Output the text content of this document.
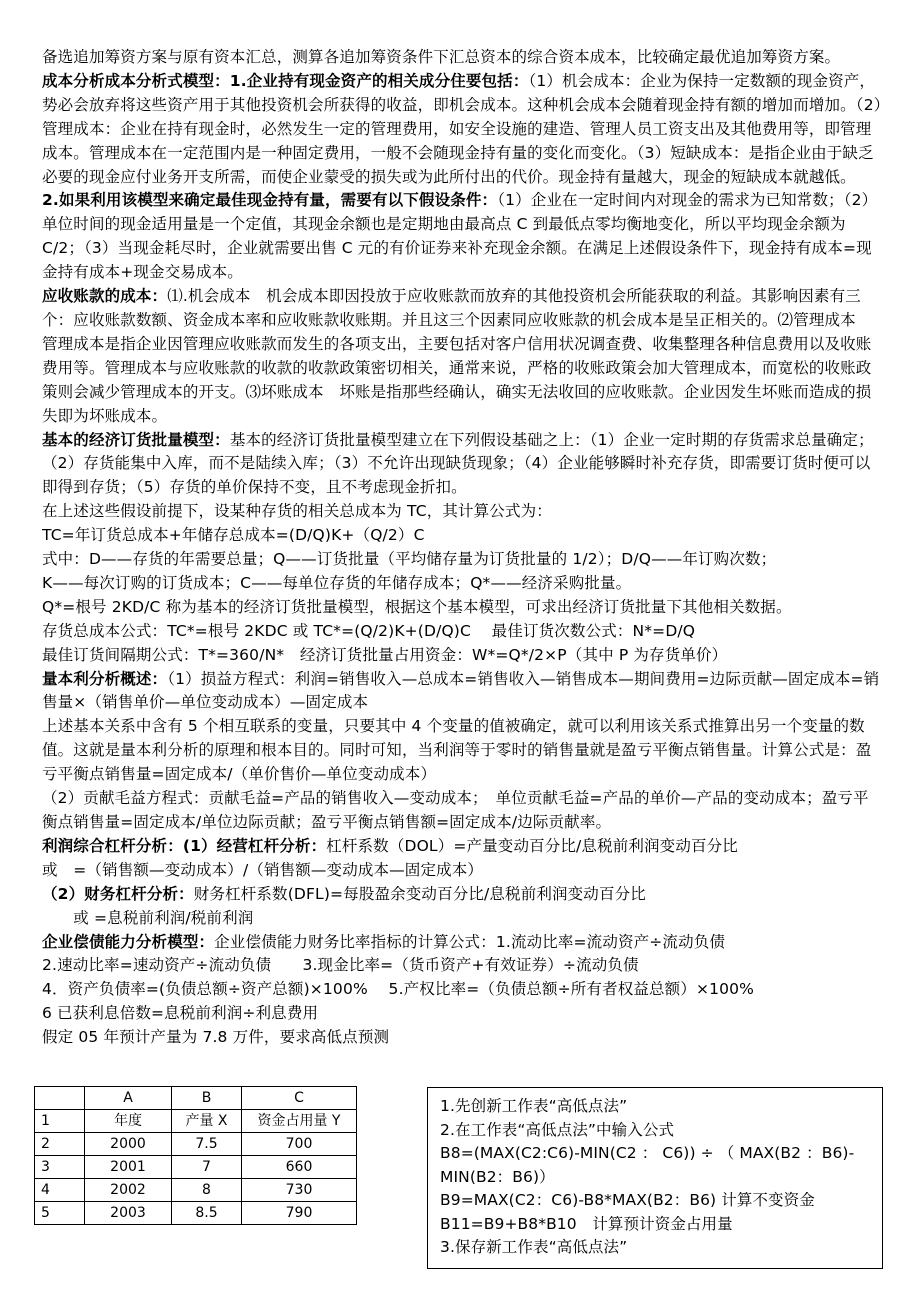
备选追加筹资方案与原有资本汇总，测算各追加筹资条件下汇总资本的综合资本成本，比较确定最优追加筹资方案。

成本分析成本分析式模型：1.企业持有现金资产的相关成分住要包括：（1）机会成本：企业为保持一定数额的现金资产，势必会放弃将这些资产用于其他投资机会所获得的收益，即机会成本。这种机会成本会随着现金持有额的增加而增加。（2）管理成本：企业在持有现金时，必然发生一定的管理费用，如安全设施的建造、管理人员工资支出及其他费用等，即管理成本。管理成本在一定范围内是一种固定费用，一般不会随现金持有量的变化而变化。（3）短缺成本：是指企业由于缺乏必要的现金应付业务开支所需，而使企业蒙受的损失或为此所付出的代价。现金持有量越大，现金的短缺成本就越低。

2.如果利用该模型来确定最佳现金持有量，需要有以下假设条件：（1）企业在一定时间内对现金的需求为已知常数；（2）单位时间的现金适用量是一个定值，其现金余额也是定期地由最高点 C 到最低点零均衡地变化，所以平均现金余额为 C/2；（3）当现金耗尽时，企业就需要出售 C 元的有价证券来补充现金余额。在满足上述假设条件下，现金持有成本=现金持有成本+现金交易成本。

应收账款的成本：⑴.机会成本　机会成本即因投放于应收账款而放弃的其他投资机会所能获取的利益。其影响因素有三个：应收账款数额、资金成本率和应收账款收账期。并且这三个因素同应收账款的机会成本是呈正相关的。⑵管理成本　管理成本是指企业因管理应收账款而发生的各项支出，主要包括对客户信用状况调查费、收集整理各种信息费用以及收账费用等。管理成本与应收账款的收款的收款政策密切相关，通常来说，严格的收账政策会加大管理成本，而宽松的收账政策则会减少管理成本的开支。⑶坏账成本　坏账是指那些经确认，确实无法收回的应收账款。企业因发生坏账而造成的损失即为坏账成本。

基本的经济订货批量模型：基本的经济订货批量模型建立在下列假设基础之上：（1）企业一定时期的存货需求总量确定；（2）存货能集中入库，而不是陆续入库；（3）不允许出现缺货现象；（4）企业能够瞬时补充存货，即需要订货时便可以即得到存货；（5）存货的单价保持不变，且不考虑现金折扣。

在上述这些假设前提下，设某种存货的相关总成本为 TC，其计算公式为：

TC=年订货总成本+年储存总成本=(D/Q)K+（Q/2）C

式中：D——存货的年需要总量；Q——订货批量（平均储存量为订货批量的 1/2）；D/Q——年订购次数；

K——每次订购的订货成本；C——每单位存货的年储存成本；Q*——经济采购批量。

Q*=根号 2KD/C 称为基本的经济订货批量模型，根据这个基本模型，可求出经济订货批量下其他相关数据。

存货总成本公式：TC*=根号 2KDC 或 TC*=(Q/2)K+(D/Q)C　 最佳订货次数公式：N*=D/Q

最佳订货间隔期公式：T*=360/N*　经济订货批量占用资金：W*=Q*/2×P（其中 P 为存货单价）

量本利分析概述：（1）损益方程式：利润=销售收入—总成本=销售收入—销售成本—期间费用=边际贡献—固定成本=销售量×（销售单价—单位变动成本）—固定成本

上述基本关系中含有 5 个相互联系的变量，只要其中 4 个变量的值被确定，就可以利用该关系式推算出另一个变量的数值。这就是量本利分析的原理和根本目的。同时可知，当利润等于零时的销售量就是盈亏平衡点销售量。计算公式是：盈亏平衡点销售量=固定成本/（单价售价—单位变动成本）

（2）贡献毛益方程式：贡献毛益=产品的销售收入—变动成本；　单位贡献毛益=产品的单价—产品的变动成本；盈亏平衡点销售量=固定成本/单位边际贡献；盈亏平衡点销售额=固定成本/边际贡献率。

利润综合杠杆分析：(1）经营杠杆分析：杠杆系数（DOL）=产量变动百分比/息税前利润变动百分比

或　=（销售额—变动成本）/（销售额—变动成本—固定成本）

（2）财务杠杆分析：财务杠杆系数(DFL)=每股盈余变动百分比/息税前利润变动百分比

　　或 =息税前利润/税前利润

企业偿债能力分析模型：企业偿债能力财务比率指标的计算公式：1.流动比率=流动资产÷流动负债

2.速动比率=速动资产÷流动负债　　3.现金比率=（货币资产+有效证券）÷流动负债

4．资产负债率=(负债总额÷资产总额)×100%　 5.产权比率=（负债总额÷所有者权益总额）×100%

6 已获利息倍数=息税前利润÷利息费用

假定 05 年预计产量为 7.8 万件，要求高低点预测

	A	B	C
1	年度	产量 X	资金占用量 Y
2	2000	7.5	700
3	2001	7	660
4	2002	8	730
5	2003	8.5	790

1.先创新工作表“高低点法”

2.在工作表“高低点法”中输入公式

B8=(MAX(C2:C6)-MIN(C2 ： C6)) ÷ （ MAX(B2 ：B6)-MIN(B2：B6)）

B9=MAX(C2：C6)-B8*MAX(B2：B6) 计算不变资金

B11=B9+B8*B10　计算预计资金占用量

3.保存新工作表“高低点法”
